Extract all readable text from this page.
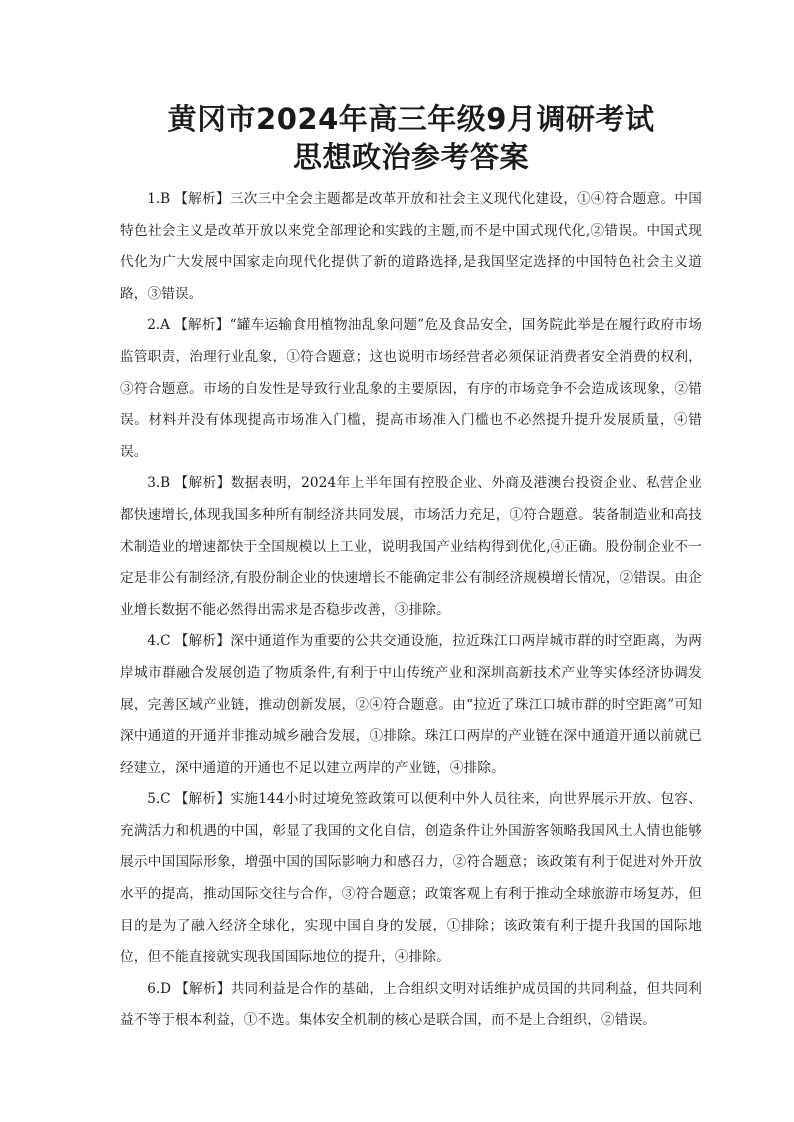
黄冈市2024年高三年级9月调研考试
思想政治参考答案

1.B 【解析】三次三中全会主题都是改革开放和社会主义现代化建设，①④符合题意。中国特色社会主义是改革开放以来党全部理论和实践的主题,而不是中国式现代化,②错误。中国式现代化为广大发展中国家走向现代化提供了新的道路选择,是我国坚定选择的中国特色社会主义道路，③错误。

2.A 【解析】“罐车运输食用植物油乱象问题”危及食品安全，国务院此举是在履行政府市场监管职责，治理行业乱象，①符合题意；这也说明市场经营者必须保证消费者安全消费的权利，③符合题意。市场的自发性是导致行业乱象的主要原因，有序的市场竞争不会造成该现象，②错误。材料并没有体现提高市场准入门槛，提高市场准入门槛也不必然提升提升发展质量，④错误。

3.B 【解析】数据表明，2024年上半年国有控股企业、外商及港澳台投资企业、私营企业都快速增长,体现我国多种所有制经济共同发展，市场活力充足，①符合题意。装备制造业和高技术制造业的增速都快于全国规模以上工业，说明我国产业结构得到优化,④正确。股份制企业不一定是非公有制经济,有股份制企业的快速增长不能确定非公有制经济规模增长情况，②错误。由企业增长数据不能必然得出需求是否稳步改善，③排除。

4.C 【解析】深中通道作为重要的公共交通设施，拉近珠江口两岸城市群的时空距离，为两岸城市群融合发展创造了物质条件,有利于中山传统产业和深圳高新技术产业等实体经济协调发展，完善区域产业链，推动创新发展，②④符合题意。由“拉近了珠江口城市群的时空距离”可知深中通道的开通并非推动城乡融合发展，①排除。珠江口两岸的产业链在深中通道开通以前就已经建立，深中通道的开通也不足以建立两岸的产业链，④排除。

5.C 【解析】实施144小时过境免签政策可以便利中外人员往来，向世界展示开放、包容、充满活力和机遇的中国，彰显了我国的文化自信，创造条件让外国游客领略我国风土人情也能够展示中国国际形象，增强中国的国际影响力和感召力，②符合题意；该政策有利于促进对外开放水平的提高，推动国际交往与合作，③符合题意；政策客观上有利于推动全球旅游市场复苏，但目的是为了融入经济全球化，实现中国自身的发展，①排除；该政策有利于提升我国的国际地位，但不能直接就实现我国国际地位的提升，④排除。

6.D 【解析】共同利益是合作的基础，上合组织文明对话维护成员国的共同利益，但共同利益不等于根本利益，①不选。集体安全机制的核心是联合国，而不是上合组织，②错误。
